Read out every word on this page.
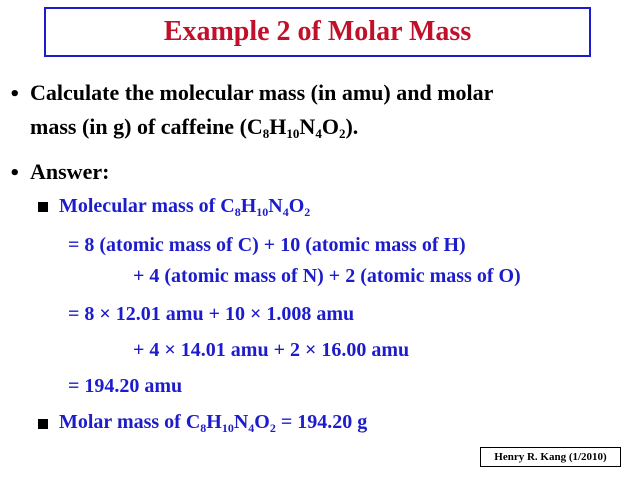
Example 2 of Molar Mass
• Calculate the molecular mass (in amu) and molar
mass (in g) of caffeine $(C_8H_{10}N_4O_2)$.
• Answer:
Molecular mass of $C_8H_{10}N_4O_2$
= 8 (atomic mass of C) + 10 (atomic mass of H)
+ 4 (atomic mass of N) + 2 (atomic mass of O)
= 8 × 12.01 amu + 10 × 1.008 amu
+ 4 × 14.01 amu + 2 × 16.00 amu
= 194.20 amu
Molar mass of $C_8H_{10}N_4O_2 = 194.20$ g
Henry R. Kang (1/2010)
